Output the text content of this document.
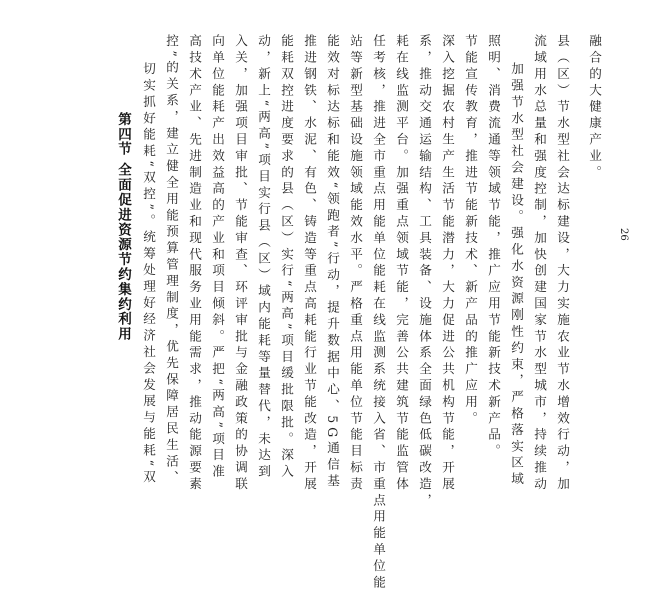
融合的大健康产业。
切实抓好能耗“双控”。统筹处理好经济社会发展与能耗“双
第四节 全面促进资源节约集约利用	控”的关系，建立健全用能预算管理制度，优先保障居民生活、 高技术产业、先进制造业和现代服务业用能需求，推动能源要素 向单位能耗产出效益高的产业和项目倾斜。严把“两高”项目准 入关，加强项目审批、节能审查、环评审批与金融政策的协调联 动，新上“两高”项目实行县（区）域内能耗等量替代，未达到 能耗双控进度要求的县（区）实行“两高”项目缓批限批。深入 推进钢铁、水泥、有色、铸造等重点高耗能行业节能改造，开展 能效对标达标和能效“领跑者”行动，提升数据中心、5G通信基 站等新型基础设施领域能效水平。严格重点用能单位节能目标责 任考核，推进全市重点用能单位能耗在线监测系统接入省、市重点用能单位能 耗在线监测平台。加强重点领域节能，完善公共建筑节能监管体 系，推动交通运输结构、工具装备、设施体系全面绿色低碳改造， 深入挖掘农村生产生活节能潜力，大力促进公共机构节能，开展 节能宣传教育，推进节能新技术、新产品的推广应用。 照明、消费流通等领域节能，推广应用节能新技术新产品。 加强节水型社会建设。强化水资源刚性约束，严格落实区域 流域用水总量和强度控制，加快创建国家节水型城市，持续推动 县（区）节水型社会达标建设，大力实施农业节水增效行动，加	26
